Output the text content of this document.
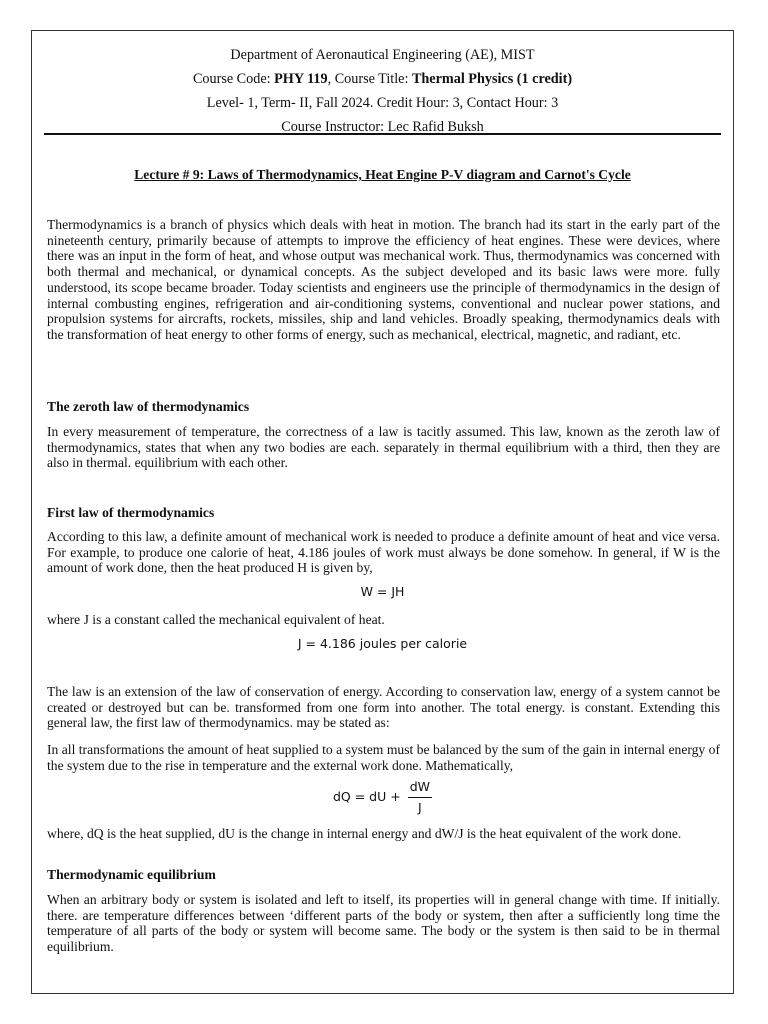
Department of Aeronautical Engineering (AE), MIST
Course Code: PHY 119, Course Title: Thermal Physics (1 credit)
Level- 1, Term- II, Fall 2024. Credit Hour: 3, Contact Hour: 3
Course Instructor: Lec Rafid Buksh
Lecture # 9: Laws of Thermodynamics, Heat Engine P-V diagram and Carnot's Cycle

Thermodynamics is a branch of physics which deals with heat in motion. The branch had its start in the early part of the nineteenth century, primarily because of attempts to improve the efficiency of heat engines. These were devices, where there was an input in the form of heat, and whose output was mechanical work. Thus, thermodynamics was concerned with both thermal and mechanical, or dynamical concepts. As the subject developed and its basic laws were more. fully understood, its scope became broader. Today scientists and engineers use the principle of thermodynamics in the design of internal combusting engines, refrigeration and air-conditioning systems, conventional and nuclear power stations, and propulsion systems for aircrafts, rockets, missiles, ship and land vehicles. Broadly speaking, thermodynamics deals with the transformation of heat energy to other forms of energy, such as mechanical, electrical, magnetic, and radiant, etc.

The zeroth law of thermodynamics

In every measurement of temperature, the correctness of a law is tacitly assumed. This law, known as the zeroth law of thermodynamics, states that when any two bodies are each. separately in thermal equilibrium with a third, then they are also in thermal. equilibrium with each other.

First law of thermodynamics

According to this law, a definite amount of mechanical work is needed to produce a definite amount of heat and vice versa. For example, to produce one calorie of heat, 4.186 joules of work must always be done somehow. In general, if W is the amount of work done, then the heat produced H is given by,

W = JH

where J is a constant called the mechanical equivalent of heat.

J = 4.186 joules per calorie

The law is an extension of the law of conservation of energy. According to conservation law, energy of a system cannot be created or destroyed but can be. transformed from one form into another. The total energy. is constant. Extending this general law, the first law of thermodynamics. may be stated as:

In all transformations the amount of heat supplied to a system must be balanced by the sum of the gain in internal energy of the system due to the rise in temperature and the external work done. Mathematically,

dQ = dU + $\frac{dW}{J}$

where, dQ is the heat supplied, dU is the change in internal energy and dW/J is the heat equivalent of the work done.

Thermodynamic equilibrium

When an arbitrary body or system is isolated and left to itself, its properties will in general change with time. If initially. there. are temperature differences between ‘different parts of the body or system, then after a sufficiently long time the temperature of all parts of the body or system will become same. The body or the system is then said to be in thermal equilibrium.
